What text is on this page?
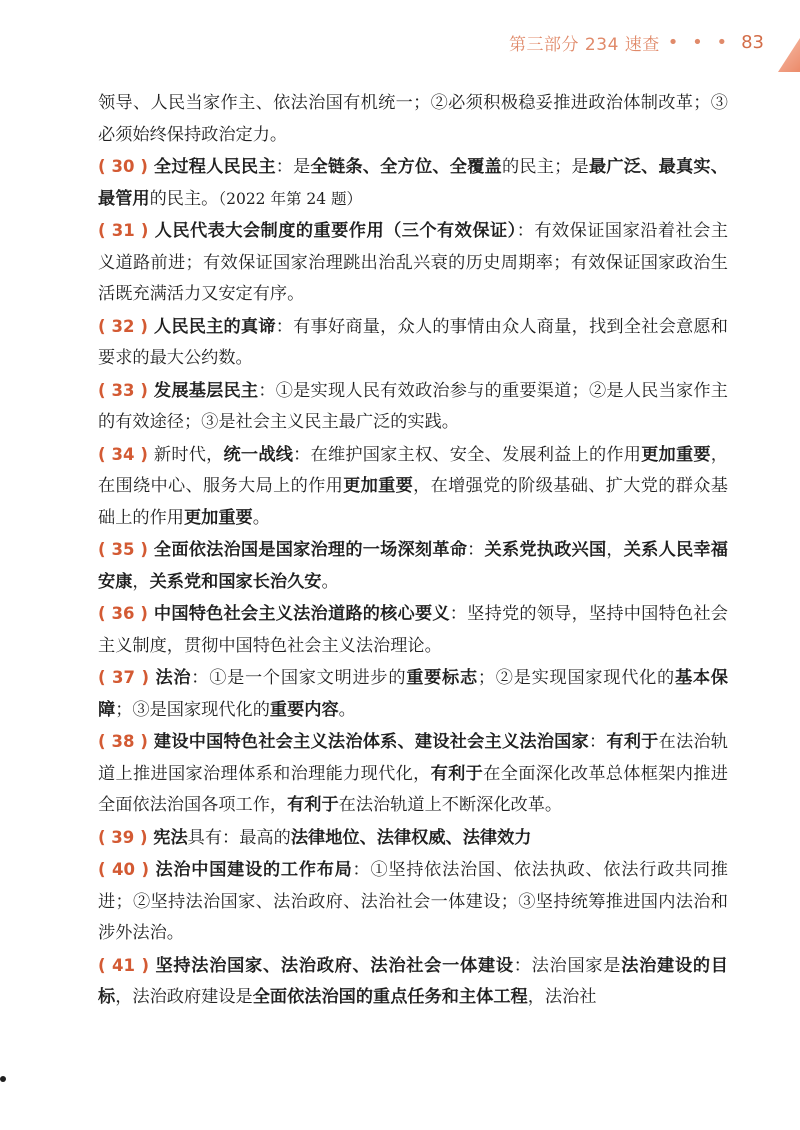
第三部分 234 速查 • • • 83

领导、人民当家作主、依法治国有机统一；②必须积极稳妥推进政治体制改革；③必须始终保持政治定力。

( 30 ) 全过程人民民主：是全链条、全方位、全覆盖的民主；是最广泛、最真实、最管用的民主。（2022 年第 24 题）

( 31 ) 人民代表大会制度的重要作用（三个有效保证）：有效保证国家沿着社会主义道路前进；有效保证国家治理跳出治乱兴衰的历史周期率；有效保证国家政治生活既充满活力又安定有序。

( 32 ) 人民民主的真谛：有事好商量，众人的事情由众人商量，找到全社会意愿和要求的最大公约数。

( 33 ) 发展基层民主：①是实现人民有效政治参与的重要渠道；②是人民当家作主的有效途径；③是社会主义民主最广泛的实践。

( 34 ) 新时代，统一战线：在维护国家主权、安全、发展利益上的作用更加重要，在围绕中心、服务大局上的作用更加重要，在增强党的阶级基础、扩大党的群众基础上的作用更加重要。

( 35 ) 全面依法治国是国家治理的一场深刻革命：关系党执政兴国，关系人民幸福安康，关系党和国家长治久安。

( 36 ) 中国特色社会主义法治道路的核心要义：坚持党的领导，坚持中国特色社会主义制度，贯彻中国特色社会主义法治理论。

( 37 ) 法治：①是一个国家文明进步的重要标志；②是实现国家现代化的基本保障；③是国家现代化的重要内容。

( 38 ) 建设中国特色社会主义法治体系、建设社会主义法治国家：有利于在法治轨道上推进国家治理体系和治理能力现代化，有利于在全面深化改革总体框架内推进全面依法治国各项工作，有利于在法治轨道上不断深化改革。

( 39 ) 宪法具有：最高的法律地位、法律权威、法律效力

( 40 ) 法治中国建设的工作布局：①坚持依法治国、依法执政、依法行政共同推进；②坚持法治国家、法治政府、法治社会一体建设；③坚持统筹推进国内法治和涉外法治。

( 41 ) 坚持法治国家、法治政府、法治社会一体建设：法治国家是法治建设的目标，法治政府建设是全面依法治国的重点任务和主体工程，法治社
